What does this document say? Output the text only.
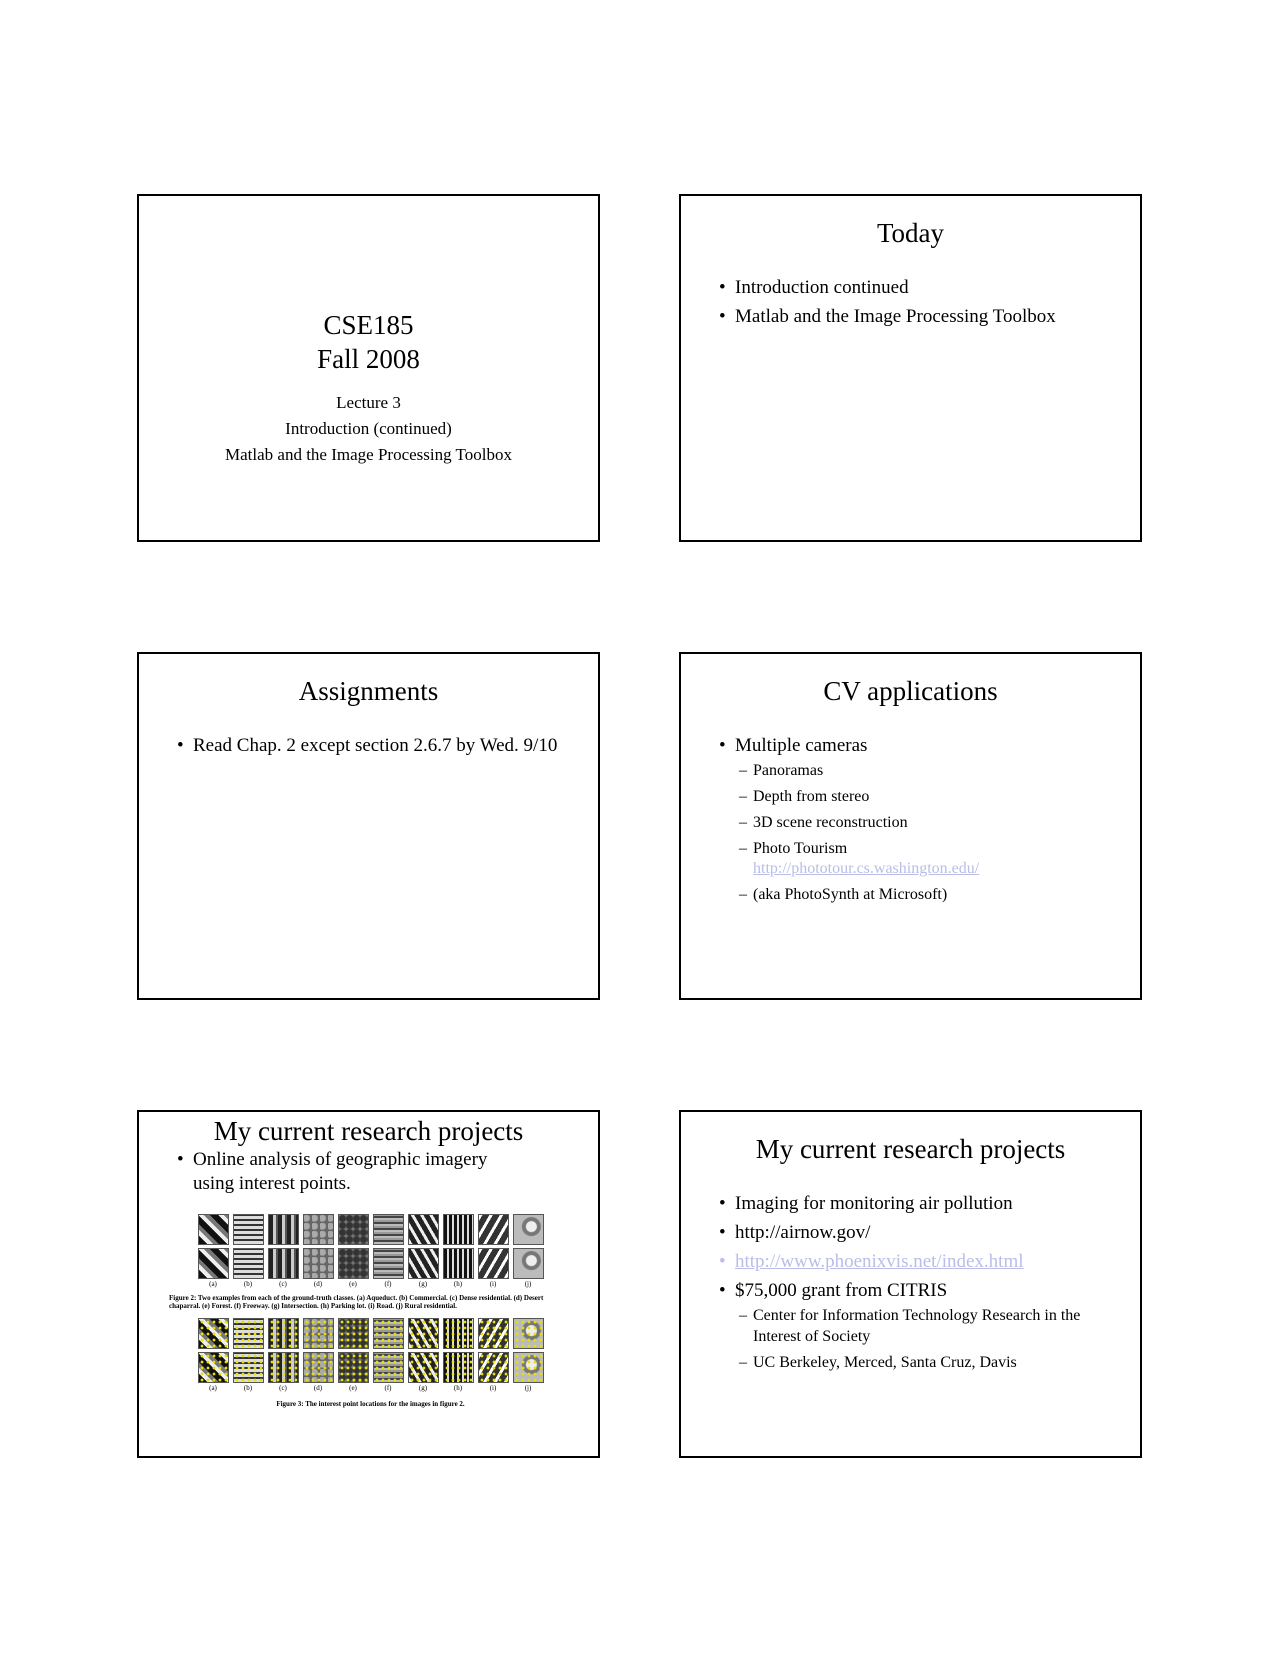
CSE185
Fall 2008
Lecture 3
Introduction (continued)
Matlab and the Image Processing Toolbox
Today
• Introduction continued
• Matlab and the Image Processing Toolbox
Assignments
• Read Chap. 2 except section 2.6.7 by Wed. 9/10
CV applications
• Multiple cameras
– Panoramas
– Depth from stereo
– 3D scene reconstruction
– Photo Tourism
http://phototour.cs.washington.edu/
– (aka PhotoSynth at Microsoft)
My current research projects
• Online analysis of geographic imagery using interest points.
(a)	(b)	(c)	(d)	(e)	(f)	(g)	(h)	(i)	(j)
Figure 2: Two examples from each of the ground-truth classes. (a) Aqueduct. (b) Commercial. (c) Dense residential. (d) Desert chaparral. (e) Forest. (f) Freeway. (g) Intersection. (h) Parking lot. (i) Road. (j) Rural residential.
(a)	(b)	(c)	(d)	(e)	(f)	(g)	(h)	(i)	(j)
Figure 3: The interest point locations for the images in figure 2.
My current research projects
• Imaging for monitoring air pollution
• http://airnow.gov/
• http://www.phoenixvis.net/index.html
• $75,000 grant from CITRIS
– Center for Information Technology Research in the Interest of Society
– UC Berkeley, Merced, Santa Cruz, Davis
